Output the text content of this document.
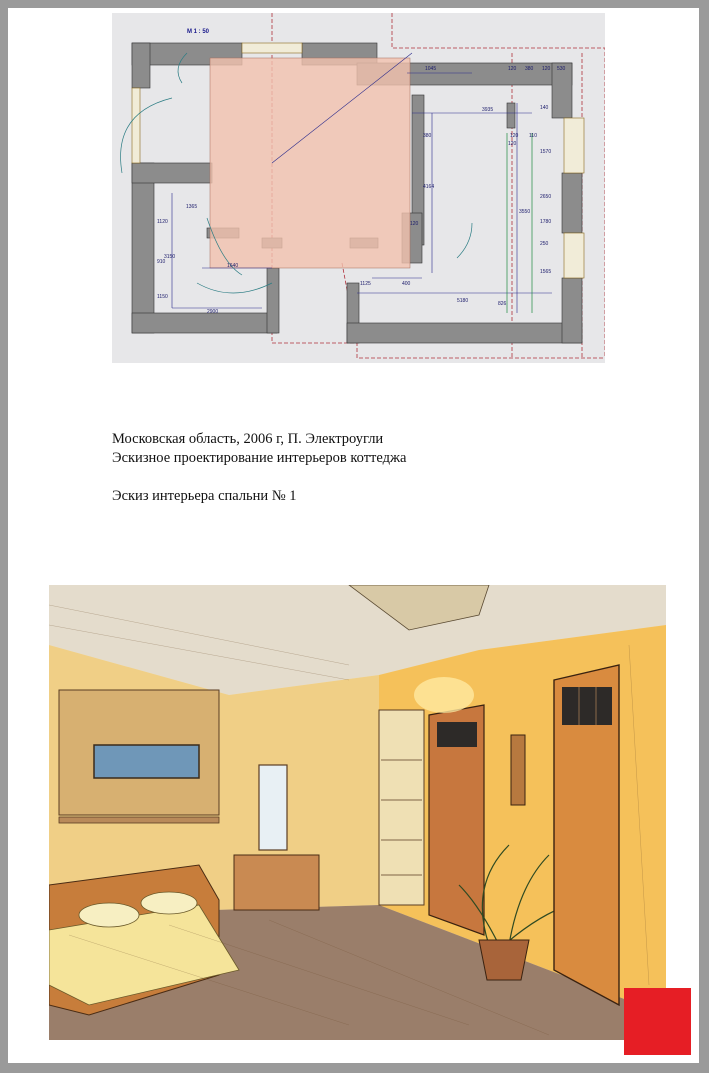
М 1 : 50
1045	120 380 120 530
3935	140
120 110
1570
380
4164
2650
3550
5180
1125	400
120
1640
1365
1120
910
3150
1150
2900
120
1565
250
1780
826
Московская область, 2006 г, П. Электроугли
Эскизное проектирование интерьеров коттеджа
Эскиз интерьера спальни № 1
